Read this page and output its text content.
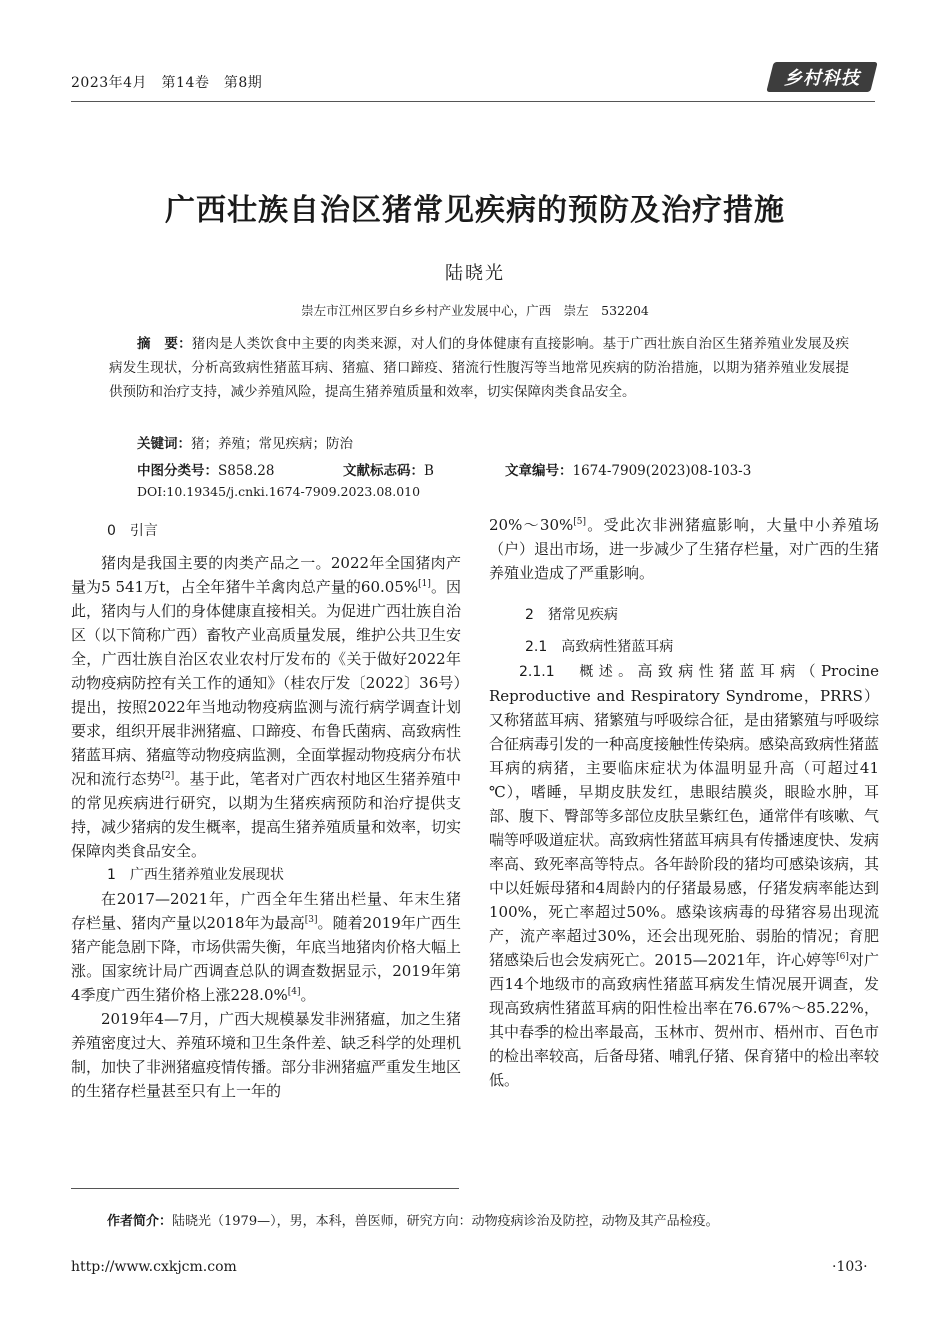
2023年4月　第14卷　第8期	乡村科技
广西壮族自治区猪常见疾病的预防及治疗措施
陆晓光
崇左市江州区罗白乡乡村产业发展中心，广西　崇左　532204
摘　要：猪肉是人类饮食中主要的肉类来源，对人们的身体健康有直接影响。基于广西壮族自治区生猪养殖业发展及疾病发生现状，分析高致病性猪蓝耳病、猪瘟、猪口蹄疫、猪流行性腹泻等当地常见疾病的防治措施，以期为猪养殖业发展提供预防和治疗支持，减少养殖风险，提高生猪养殖质量和效率，切实保障肉类食品安全。
关键词：猪；养殖；常见疾病；防治
中图分类号：S858.28	文献标志码：B	文章编号：1674-7909(2023)08-103-3
DOI:10.19345/j.cnki.1674-7909.2023.08.010
0　引言

猪肉是我国主要的肉类产品之一。2022年全国猪肉产量为5 541万t，占全年猪牛羊禽肉总产量的60.05%[1]。因此，猪肉与人们的身体健康直接相关。为促进广西壮族自治区（以下简称广西）畜牧产业高质量发展，维护公共卫生安全，广西壮族自治区农业农村厅发布的《关于做好2022年动物疫病防控有关工作的通知》（桂农厅发〔2022〕36号）提出，按照2022年当地动物疫病监测与流行病学调查计划要求，组织开展非洲猪瘟、口蹄疫、布鲁氏菌病、高致病性猪蓝耳病、猪瘟等动物疫病监测，全面掌握动物疫病分布状况和流行态势[2]。基于此，笔者对广西农村地区生猪养殖中的常见疾病进行研究，以期为生猪疾病预防和治疗提供支持，减少猪病的发生概率，提高生猪养殖质量和效率，切实保障肉类食品安全。

1　广西生猪养殖业发展现状

在2017—2021年，广西全年生猪出栏量、年末生猪存栏量、猪肉产量以2018年为最高[3]。随着2019年广西生猪产能急剧下降，市场供需失衡，年底当地猪肉价格大幅上涨。国家统计局广西调查总队的调查数据显示，2019年第4季度广西生猪价格上涨228.0%[4]。

2019年4—7月，广西大规模暴发非洲猪瘟，加之生猪养殖密度过大、养殖环境和卫生条件差、缺乏科学的处理机制，加快了非洲猪瘟疫情传播。部分非洲猪瘟严重发生地区的生猪存栏量甚至只有上一年的

20%～30%[5]。受此次非洲猪瘟影响，大量中小养殖场（户）退出市场，进一步减少了生猪存栏量，对广西的生猪养殖业造成了严重影响。

2　猪常见疾病
2.1　高致病性猪蓝耳病

2.1.1　概述。高致病性猪蓝耳病（Procine Reproductive and Respiratory Syndrome，PRRS）又称猪蓝耳病、猪繁殖与呼吸综合征，是由猪繁殖与呼吸综合征病毒引发的一种高度接触性传染病。感染高致病性猪蓝耳病的病猪，主要临床症状为体温明显升高（可超过41 ℃），嗜睡，早期皮肤发红，患眼结膜炎，眼睑水肿，耳部、腹下、臀部等多部位皮肤呈紫红色，通常伴有咳嗽、气喘等呼吸道症状。高致病性猪蓝耳病具有传播速度快、发病率高、致死率高等特点。各年龄阶段的猪均可感染该病，其中以妊娠母猪和4周龄内的仔猪最易感，仔猪发病率能达到100%，死亡率超过50%。感染该病毒的母猪容易出现流产，流产率超过30%，还会出现死胎、弱胎的情况；育肥猪感染后也会发病死亡。2015—2021年，许心婷等[6]对广西14个地级市的高致病性猪蓝耳病发生情况展开调查，发现高致病性猪蓝耳病的阳性检出率在76.67%～85.22%，其中春季的检出率最高，玉林市、贺州市、梧州市、百色市的检出率较高，后备母猪、哺乳仔猪、保育猪中的检出率较低。

作者简介：陆晓光（1979—），男，本科，兽医师，研究方向：动物疫病诊治及防控，动物及其产品检疫。
http://www.cxkjcm.com	·103·
